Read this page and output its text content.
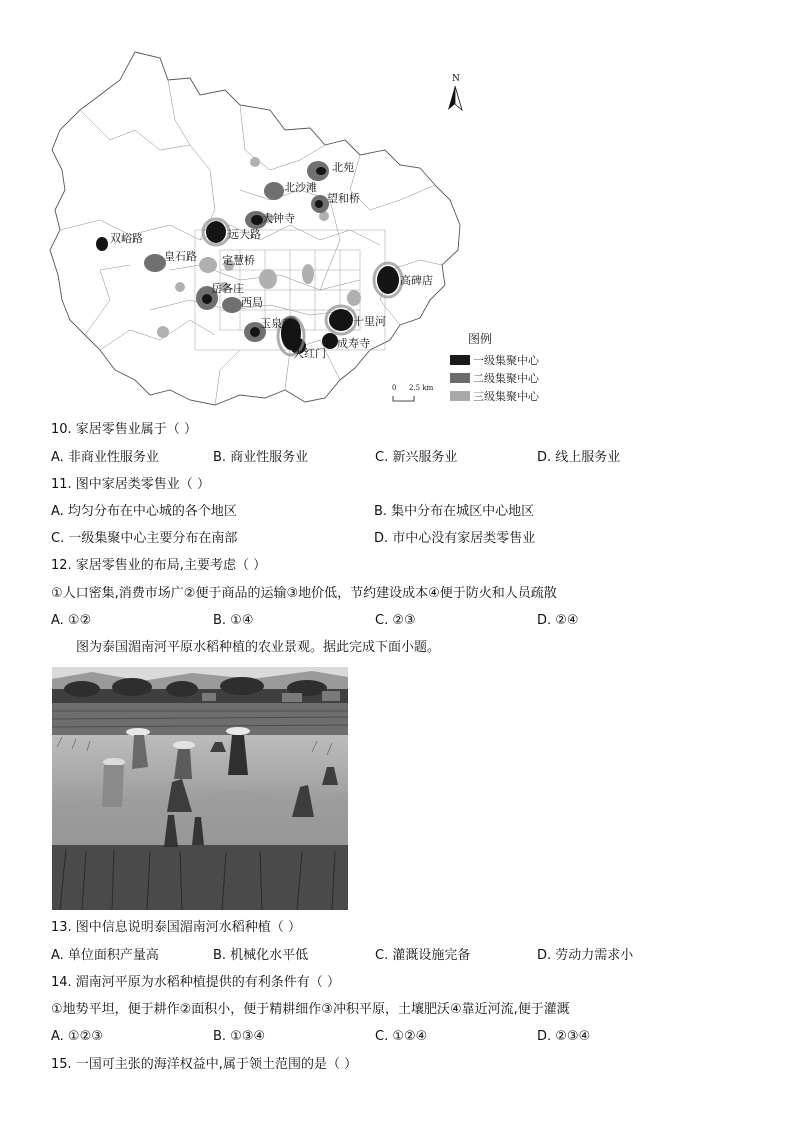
N
北苑
北沙滩
望和桥
大钟寺
远大路
双峪路
皇石路 定慧桥
岳各庄
西局
高碑店
玉泉营	十里河
成寿寺
大红门
图例
一级集聚中心
二级集聚中心
三级集聚中心
0 2.5 km
10. 家居零售业属于（ ）
A. 非商业性服务业	B. 商业性服务业	C. 新兴服务业	D. 线上服务业
11. 图中家居类零售业（ ）
A. 均匀分布在中心城的各个地区	B. 集中分布在城区中心地区
C. 一级集聚中心主要分布在南部	D. 市中心没有家居类零售业
12. 家居零售业的布局,主要考虑（ ）
①人口密集,消费市场广②便于商品的运输③地价低，节约建设成本④便于防火和人员疏散
A. ①②	B. ①④	C. ②③	D. ②④
图为泰国湄南河平原水稻种植的农业景观。据此完成下面小题。
13. 图中信息说明泰国湄南河水稻种植（ ）
A. 单位面积产量高	B. 机械化水平低	C. 灌溉设施完备	D. 劳动力需求小
14. 湄南河平原为水稻种植提供的有利条件有（ ）
①地势平坦，便于耕作②面积小，便于精耕细作③冲积平原，土壤肥沃④靠近河流,便于灌溉
A. ①②③	B. ①③④	C. ①②④	D. ②③④
15. 一国可主张的海洋权益中,属于领土范围的是（ ）
